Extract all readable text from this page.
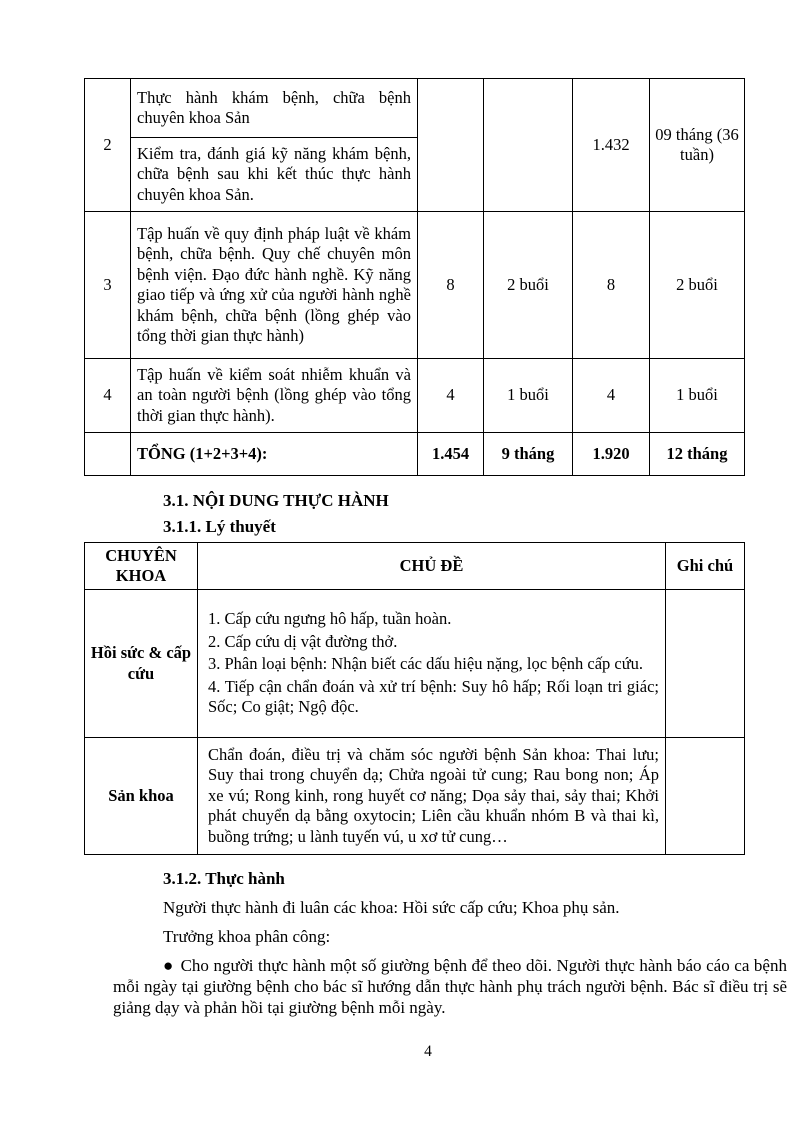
2	Thực hành khám bệnh, chữa bệnh chuyên khoa Sản			1.432	09 tháng (36 tuần)
	Kiểm tra, đánh giá kỹ năng khám bệnh, chữa bệnh sau khi kết thúc thực hành chuyên khoa Sản.				
3	Tập huấn về quy định pháp luật về khám bệnh, chữa bệnh. Quy chế chuyên môn bệnh viện. Đạo đức hành nghề. Kỹ năng giao tiếp và ứng xử của người hành nghề khám bệnh, chữa bệnh (lồng ghép vào tổng thời gian thực hành)	8	2 buổi	8	2 buổi
4	Tập huấn về kiểm soát nhiễm khuẩn và an toàn người bệnh (lồng ghép vào tổng thời gian thực hành).	4	1 buổi	4	1 buổi
	TỔNG (1+2+3+4):	1.454	9 tháng	1.920	12 tháng
3.1. NỘI DUNG THỰC HÀNH
3.1.1. Lý thuyết
CHUYÊN KHOA	CHỦ ĐỀ	Ghi chú
Hồi sức & cấp cứu	1. Cấp cứu ngưng hô hấp, tuần hoàn.
2. Cấp cứu dị vật đường thở.
3. Phân loại bệnh: Nhận biết các dấu hiệu nặng, lọc bệnh cấp cứu.
4. Tiếp cận chẩn đoán và xử trí bệnh: Suy hô hấp; Rối loạn tri giác; Sốc; Co giật; Ngộ độc.	

Sản khoa	Chẩn đoán, điều trị và chăm sóc người bệnh Sản khoa: Thai lưu; Suy thai trong chuyển dạ; Chửa ngoài tử cung; Rau bong non; Áp xe vú; Rong kinh, rong huyết cơ năng; Dọa sảy thai, sảy thai; Khởi phát chuyển dạ bằng oxytocin; Liên cầu khuẩn nhóm B và thai kì, buồng trứng; u lành tuyến vú, u xơ tử cung…	

3.1.2. Thực hành
Người thực hành đi luân các khoa: Hồi sức cấp cứu; Khoa phụ sản.
Trưởng khoa phân công:
● Cho người thực hành một số giường bệnh để theo dõi. Người thực hành báo cáo ca bệnh mỗi ngày tại giường bệnh cho bác sĩ hướng dẫn thực hành phụ trách người bệnh. Bác sĩ điều trị sẽ giảng dạy và phản hồi tại giường bệnh mỗi ngày.
4
